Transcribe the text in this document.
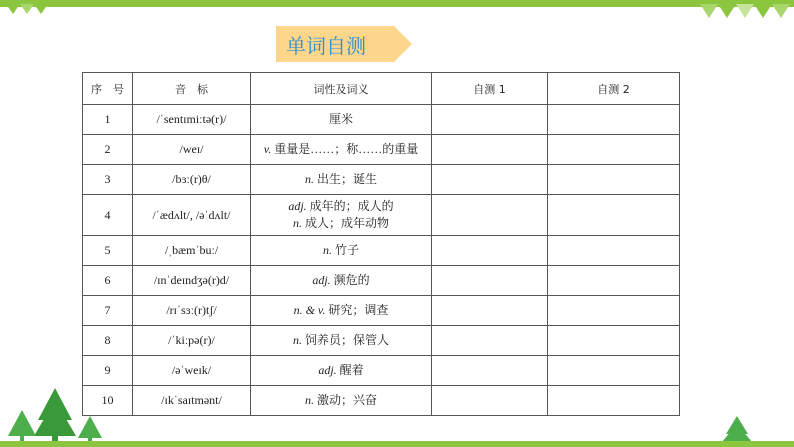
单词自测
序　号	音　标	词性及词义	自测 1	自测 2
1	/ˈsentɪmiːtə(r)/	厘米		
2	/weɪ/	v. 重量是……；称……的重量		
3	/bɜː(r)θ/	n. 出生；诞生		
4	/ˈædʌlt/, /əˈdʌlt/	adj. 成年的；成人的
n. 成人；成年动物		
5	/ˌbæmˈbuː/	n. 竹子		
6	/ɪnˈdeɪndʒə(r)d/	adj. 濒危的		
7	/rɪˈsɜː(r)tʃ/	n. & v. 研究；调查		
8	/ˈkiːpə(r)/	n. 饲养员；保管人		
9	/əˈweɪk/	adj. 醒着		
10	/ɪkˈsaɪtmənt/	n. 激动；兴奋		
